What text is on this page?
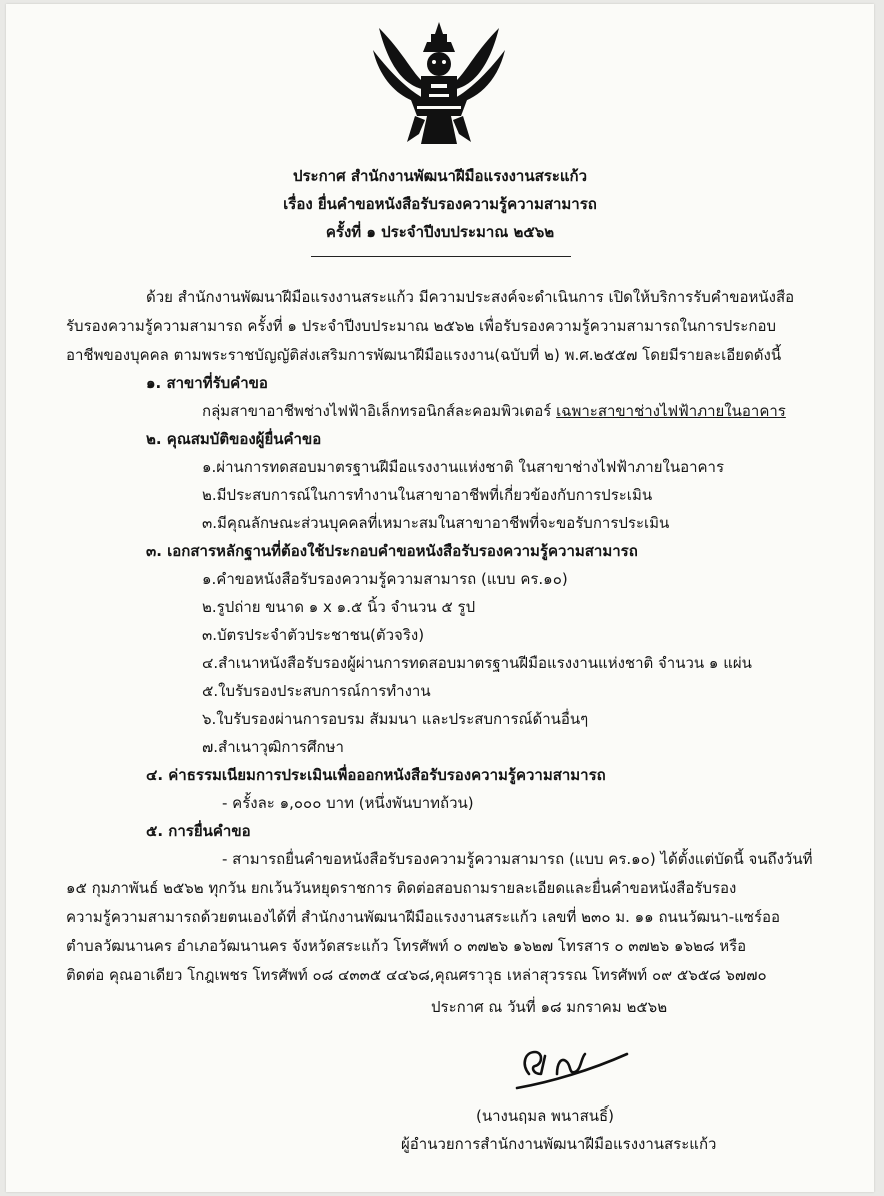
ประกาศ สำนักงานพัฒนาฝีมือแรงงานสระแก้ว
เรื่อง ยื่นคำขอหนังสือรับรองความรู้ความสามารถ
ครั้งที่ ๑ ประจำปีงบประมาณ ๒๕๖๒
ด้วย สำนักงานพัฒนาฝีมือแรงงานสระแก้ว มีความประสงค์จะดำเนินการ เปิดให้บริการรับคำขอหนังสือ
รับรองความรู้ความสามารถ ครั้งที่ ๑ ประจำปีงบประมาณ ๒๕๖๒ เพื่อรับรองความรู้ความสามารถในการประกอบ
อาชีพของบุคคล ตามพระราชบัญญัติส่งเสริมการพัฒนาฝีมือแรงงาน(ฉบับที่ ๒) พ.ศ.๒๕๕๗ โดยมีรายละเอียดดังนี้
๑. สาขาที่รับคำขอ
กลุ่มสาขาอาชีพช่างไฟฟ้าอิเล็กทรอนิกส์ละคอมพิวเตอร์ เฉพาะสาขาช่างไฟฟ้าภายในอาคาร
๒. คุณสมบัติของผู้ยื่นคำขอ
๑.ผ่านการทดสอบมาตรฐานฝีมือแรงงานแห่งชาติ ในสาขาช่างไฟฟ้าภายในอาคาร
๒.มีประสบการณ์ในการทำงานในสาขาอาชีพที่เกี่ยวข้องกับการประเมิน
๓.มีคุณลักษณะส่วนบุคคลที่เหมาะสมในสาขาอาชีพที่จะขอรับการประเมิน
๓. เอกสารหลักฐานที่ต้องใช้ประกอบคำขอหนังสือรับรองความรู้ความสามารถ
๑.คำขอหนังสือรับรองความรู้ความสามารถ (แบบ คร.๑๐)
๒.รูปถ่าย ขนาด ๑ x ๑.๕ นิ้ว จำนวน ๕ รูป
๓.บัตรประจำตัวประชาชน(ตัวจริง)
๔.สำเนาหนังสือรับรองผู้ผ่านการทดสอบมาตรฐานฝีมือแรงงานแห่งชาติ จำนวน ๑ แผ่น
๕.ใบรับรองประสบการณ์การทำงาน
๖.ใบรับรองผ่านการอบรม สัมมนา และประสบการณ์ด้านอื่นๆ
๗.สำเนาวุฒิการศึกษา
๔. ค่าธรรมเนียมการประเมินเพื่อออกหนังสือรับรองความรู้ความสามารถ
- ครั้งละ ๑,๐๐๐ บาท (หนึ่งพันบาทถ้วน)
๕. การยื่นคำขอ
- สามารถยื่นคำขอหนังสือรับรองความรู้ความสามารถ (แบบ คร.๑๐) ได้ตั้งแต่บัดนี้ จนถึงวันที่
๑๕ กุมภาพันธ์ ๒๕๖๒ ทุกวัน ยกเว้นวันหยุดราชการ ติดต่อสอบถามรายละเอียดและยื่นคำขอหนังสือรับรอง
ความรู้ความสามารถด้วยตนเองได้ที่ สำนักงานพัฒนาฝีมือแรงงานสระแก้ว เลขที่ ๒๓๐ ม. ๑๑ ถนนวัฒนา-แซร์ออ
ตำบลวัฒนานคร อำเภอวัฒนานคร จังหวัดสระแก้ว โทรศัพท์ ๐ ๓๗๒๖ ๑๖๒๗ โทรสาร ๐ ๓๗๒๖ ๑๖๒๘ หรือ
ติดต่อ คุณอาเดียว โกฎเพชร โทรศัพท์ ๐๘ ๔๓๓๕ ๔๔๖๘,คุณศราวุธ เหล่าสุวรรณ โทรศัพท์ ๐๙ ๕๖๕๘ ๖๗๗๐
ประกาศ ณ วันที่ ๑๘ มกราคม ๒๕๖๒
(นางนฤมล พนาสนธิ์)
ผู้อำนวยการสำนักงานพัฒนาฝีมือแรงงานสระแก้ว
